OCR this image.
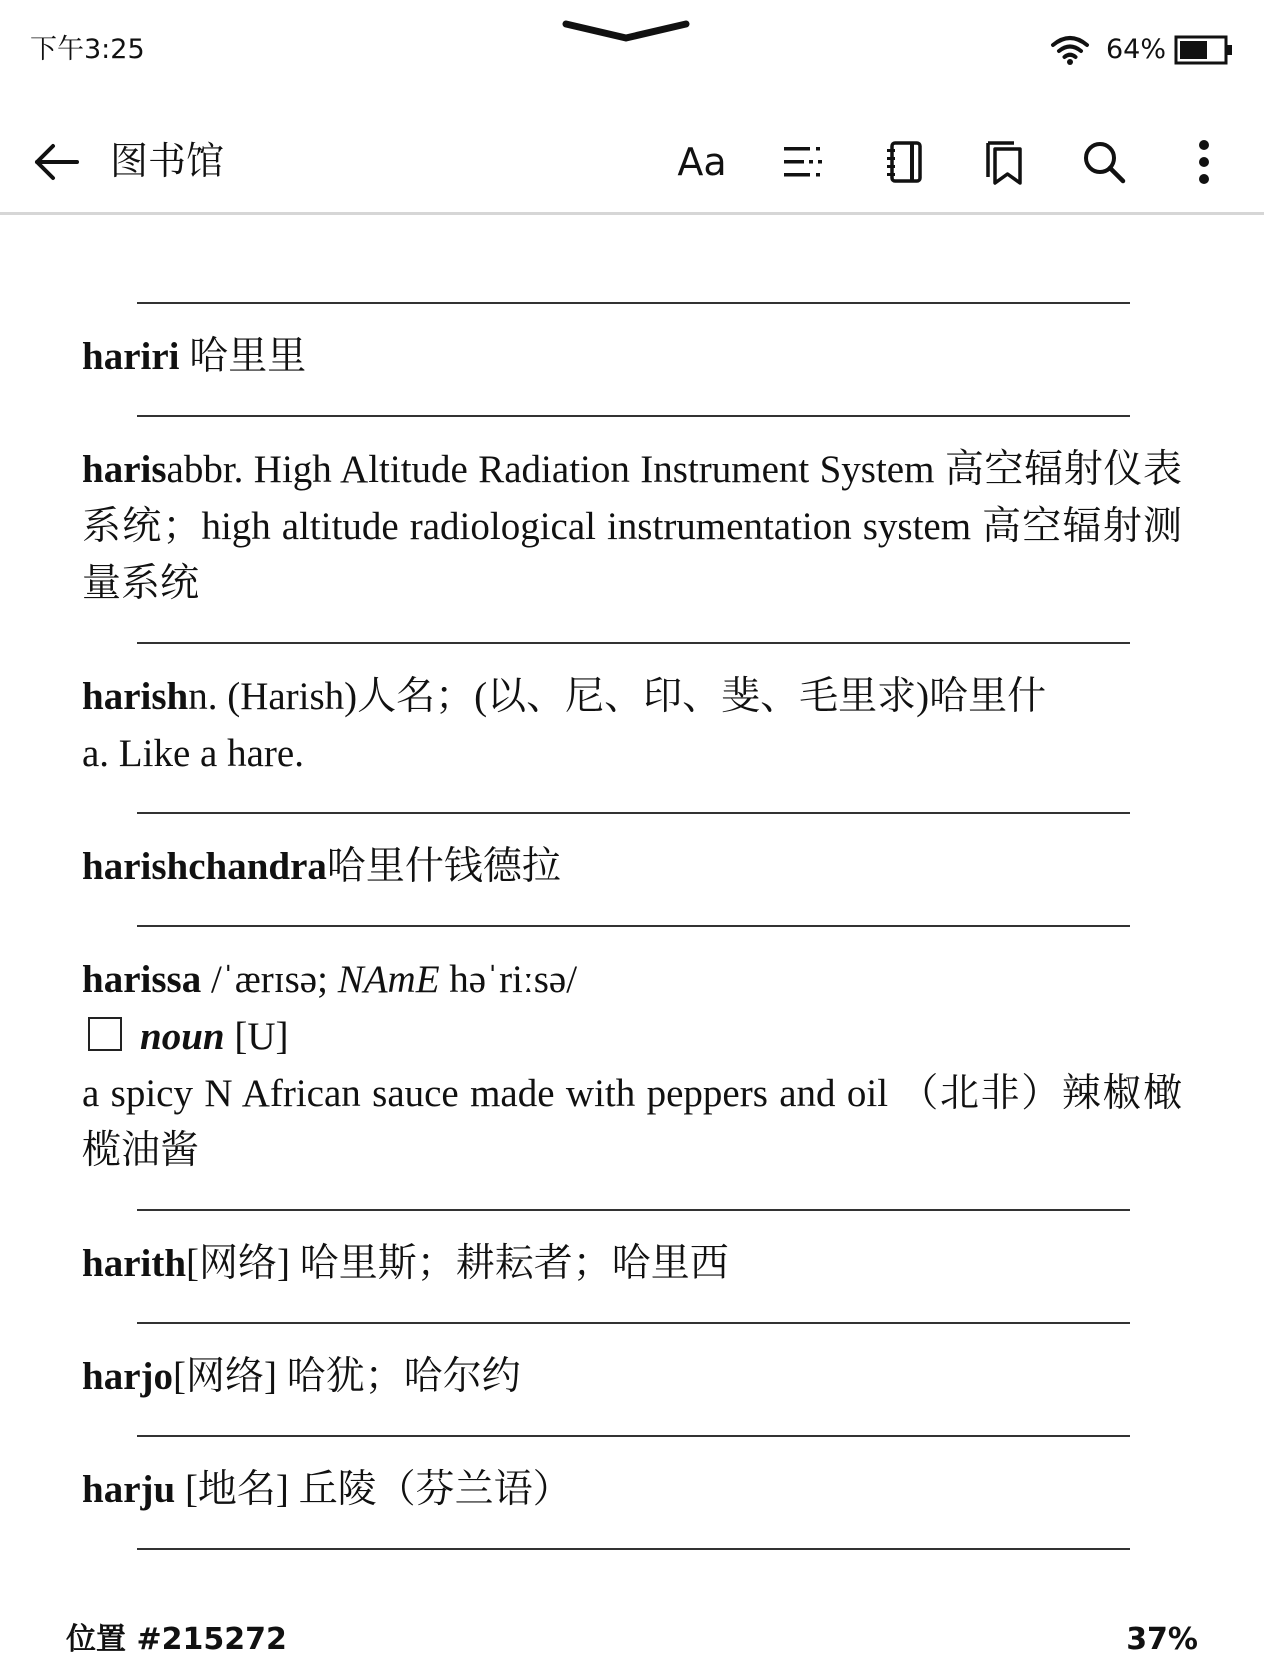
下午3:25	64%
图书馆	Aa
hariri 哈里里
harisabbr. High Altitude Radiation Instrument System 高空辐射仪表系统；high altitude radiological instrumentation system 高空辐射测量系统
harishn. (Harish)人名；(以、尼、印、斐、毛里求)哈里什
a. Like a hare.
harishchandra哈里什钱德拉
harissa /ˈærɪsə; NAmE həˈriːsə/
noun [U]
a spicy N African sauce made with peppers and oil （北非）辣椒橄榄油酱
harith[网络] 哈里斯；耕耘者；哈里西
harjo[网络] 哈犹；哈尔约
harju [地名] 丘陵（芬兰语）
位置 #215272	37%
